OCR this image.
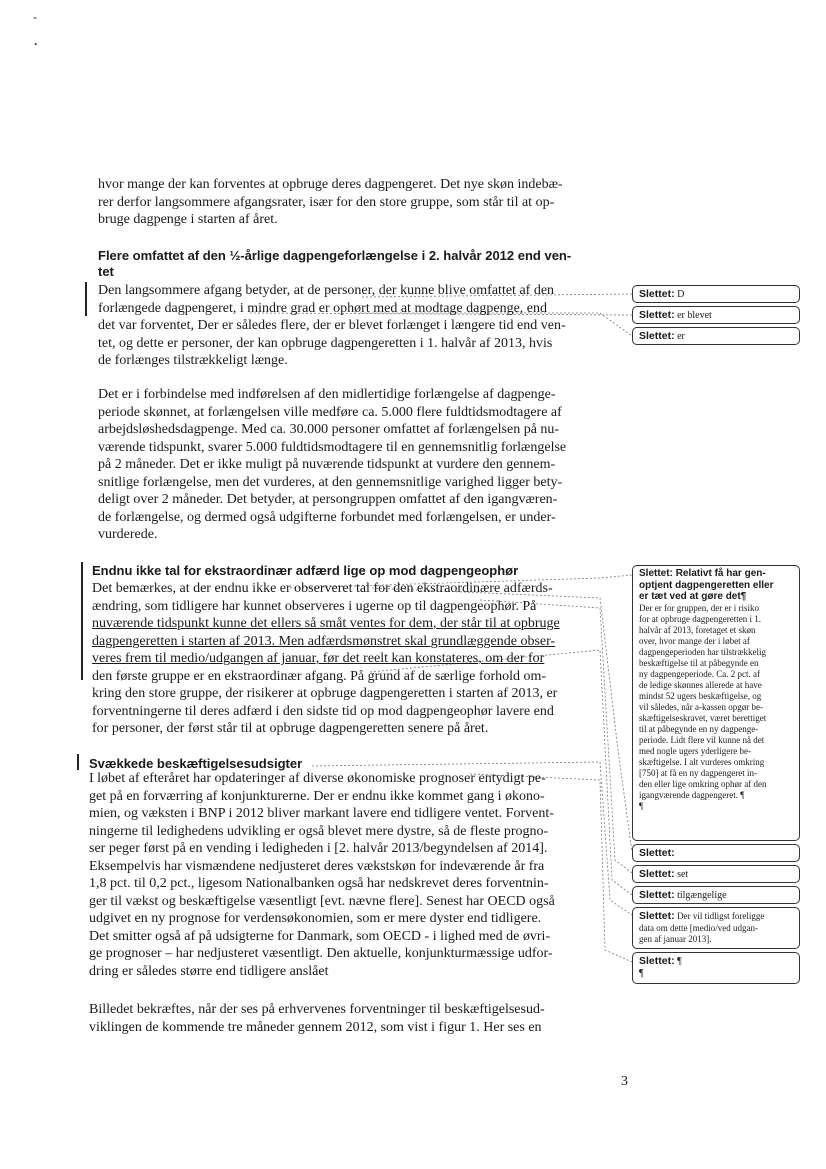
-
.
hvor mange der kan forventes at opbruge deres dagpengeret. Det nye skøn indebæ-
rer derfor langsommere afgangsrater, især for den store gruppe, som står til at op-
bruge dagpenge i starten af året.
Flere omfattet af den ½-årlige dagpengeforlængelse i 2. halvår 2012 end ven-
tet
Den langsommere afgang betyder, at de personer, der kunne blive omfattet af den
forlængede dagpengeret, i mindre grad er ophørt med at modtage dagpenge, end
det var forventet, Der er således flere, der er blevet forlænget i længere tid end ven-
tet, og dette er personer, der kan opbruge dagpengeretten i 1. halvår af 2013, hvis
de forlænges tilstrækkeligt længe.
Det er i forbindelse med indførelsen af den midlertidige forlængelse af dagpenge-
periode skønnet, at forlængelsen ville medføre ca. 5.000 flere fuldtidsmodtagere af
arbejdsløshedsdagpenge. Med ca. 30.000 personer omfattet af forlængelsen på nu-
værende tidspunkt, svarer 5.000 fuldtidsmodtagere til en gennemsnitlig forlængelse
på 2 måneder. Det er ikke muligt på nuværende tidspunkt at vurdere den gennem-
snitlige forlængelse, men det vurderes, at den gennemsnitlige varighed ligger bety-
deligt over 2 måneder. Det betyder, at persongruppen omfattet af den igangværen-
de forlængelse, og dermed også udgifterne forbundet med forlængelsen, er under-
vurderede.
Endnu ikke tal for ekstraordinær adfærd lige op mod dagpengeophør
Det bemærkes, at der endnu ikke er observeret tal for den ekstraordinære adfærds-
ændring, som tidligere har kunnet observeres i ugerne op til dagpengeophør. På
nuværende tidspunkt kunne det ellers så småt ventes for dem, der står til at opbruge
dagpengeretten i starten af 2013. Men adfærdsmønstret skal grundlæggende obser-
veres frem til medio/udgangen af januar, før det reelt kan konstateres, om der for
den første gruppe er en ekstraordinær afgang. På grund af de særlige forhold om-
kring den store gruppe, der risikerer at opbruge dagpengeretten i starten af 2013, er
forventningerne til deres adfærd i den sidste tid op mod dagpengeophør lavere end
for personer, der først står til at opbruge dagpengeretten senere på året.
Svækkede beskæftigelsesudsigter
I løbet af efteråret har opdateringer af diverse økonomiske prognoser entydigt pe-
get på en forværring af konjunkturerne. Der er endnu ikke kommet gang i økono-
mien, og væksten i BNP i 2012 bliver markant lavere end tidligere ventet. Forvent-
ningerne til ledighedens udvikling er også blevet mere dystre, så de fleste progno-
ser peger først på en vending i ledigheden i [2. halvår 2013/begyndelsen af 2014].
Eksempelvis har vismændene nedjusteret deres vækstskøn for indeværende år fra
1,8 pct. til 0,2 pct., ligesom Nationalbanken også har nedskrevet deres forventnin-
ger til vækst og beskæftigelse væsentligt [evt. nævne flere]. Senest har OECD også
udgivet en ny prognose for verdensøkonomien, som er mere dyster end tidligere.
Det smitter også af på udsigterne for Danmark, som OECD - i lighed med de øvri-
ge prognoser – har nedjusteret væsentligt. Den aktuelle, konjunkturmæssige udfor-
dring er således større end tidligere anslået
Billedet bekræftes, når der ses på erhvervenes forventninger til beskæftigelsesud-
viklingen de kommende tre måneder gennem 2012, som vist i figur 1. Her ses en
Slettet: D
Slettet: er blevet
Slettet: er
Slettet: Relativt få har gen-
optjent dagpengeretten eller
er tæt ved at gøre det¶
Der er for gruppen, der er i risiko
for at opbruge dagpengeretten i 1.
halvår af 2013, foretaget et skøn
over, hvor mange der i løbet af
dagpengeperioden har tilstrækkelig
beskæftigelse til at påbegynde en
ny dagpengeperiode. Ca. 2 pct. af
de ledige skønnes allerede at have
mindst 52 ugers beskæftigelse, og
vil således, når a-kassen opgør be-
skæftigelseskravet, været berettiget
til at påbegynde en ny dagpenge-
periode. Lidt flere vil kunne nå det
med nogle ugers yderligere be-
skæftigelse. I alt vurderes omkring
[750] at få en ny dagpengeret in-
den eller lige omkring ophør af den
igangværende dagpengeret. ¶
¶
Slettet:
Slettet: set
Slettet: tilgængelige
Slettet: Der vil tidligst foreligge
data om dette [medio/ved udgan-
gen af januar 2013].
Slettet: ¶
¶
3
